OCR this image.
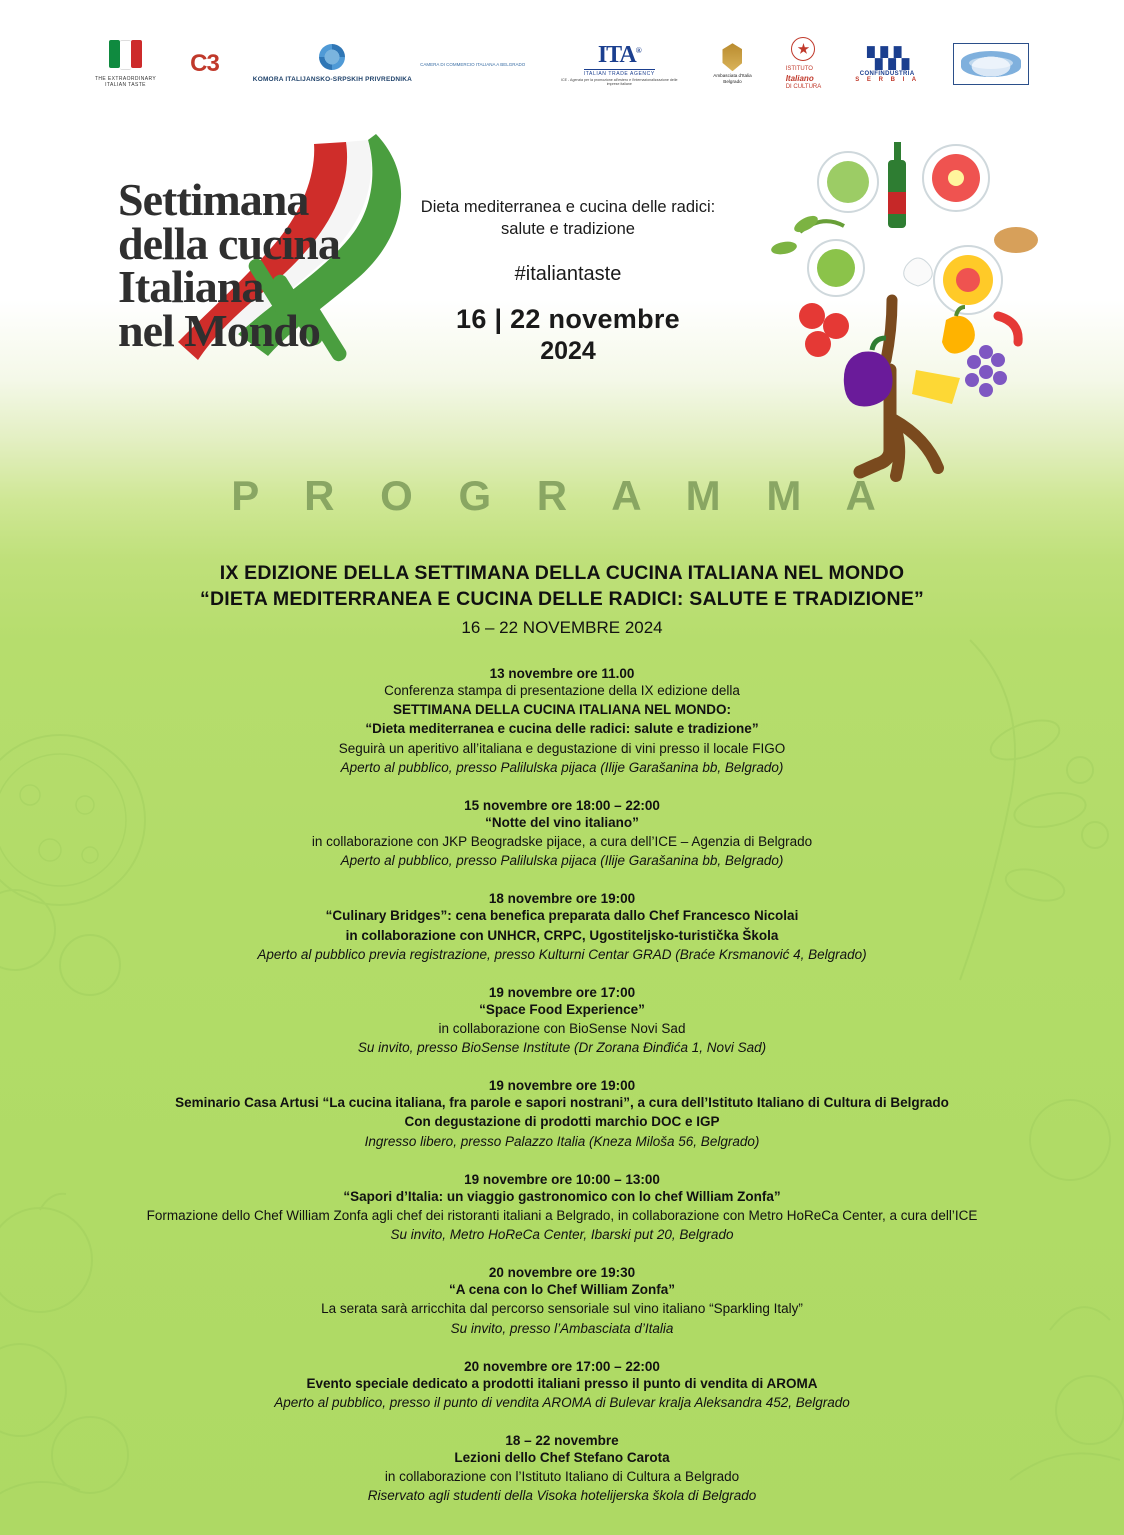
THE EXTRAORDINARY
ITALIAN TASTE
C3
KOMORA ITALIJANSKO-SRPSKIH PRIVREDNIKA
CAMERA DI COMMERCIO ITALIANA A BELGRADO	ITA®
ITALIAN TRADE AGENCY
ICE - Agenzia per la promozione all'estero e l'internazionalizzazione delle imprese italiane
Ambasciata d'Italia
Belgrado
ISTITUTO
Italiano
DI CULTURA
▚▚▚
CONFINDUSTRIA
S E R B I A
Settimana
della cucina
Italiana
nel Mondo
Dieta mediterranea e cucina delle radici:
salute e tradizione
#italiantaste
16 | 22 novembre
2024
P R O G R A M M A
IX EDIZIONE DELLA SETTIMANA DELLA CUCINA ITALIANA NEL MONDO
“DIETA MEDITERRANEA E CUCINA DELLE RADICI: SALUTE E TRADIZIONE”
16 – 22 NOVEMBRE 2024
13 novembre ore 11.00
Conferenza stampa di presentazione della IX edizione della
SETTIMANA DELLA CUCINA ITALIANA NEL MONDO:
“Dieta mediterranea e cucina delle radici: salute e tradizione”
Seguirà un aperitivo all’italiana e degustazione di vini presso il locale FIGO
Aperto al pubblico, presso Palilulska pijaca (Ilije Garašanina bb, Belgrado)
15 novembre ore 18:00 – 22:00
“Notte del vino italiano”
in collaborazione con JKP Beogradske pijace, a cura dell’ICE – Agenzia di Belgrado
Aperto al pubblico, presso Palilulska pijaca (Ilije Garašanina bb, Belgrado)
18 novembre ore 19:00
“Culinary Bridges”: cena benefica preparata dallo Chef Francesco Nicolai
in collaborazione con UNHCR, CRPC, Ugostiteljsko-turistička Škola
Aperto al pubblico previa registrazione, presso Kulturni Centar GRAD (Braće Krsmanović 4, Belgrado)
19 novembre ore 17:00
“Space Food Experience”
in collaborazione con BioSense Novi Sad
Su invito, presso BioSense Institute (Dr Zorana Đinđića 1, Novi Sad)
19 novembre ore 19:00
Seminario Casa Artusi “La cucina italiana, fra parole e sapori nostrani”, a cura dell’Istituto Italiano di Cultura di Belgrado
Con degustazione di prodotti marchio DOC e IGP
Ingresso libero, presso Palazzo Italia (Kneza Miloša 56, Belgrado)
19 novembre ore 10:00 – 13:00
“Sapori d’Italia: un viaggio gastronomico con lo chef William Zonfa”
Formazione dello Chef William Zonfa agli chef dei ristoranti italiani a Belgrado, in collaborazione con Metro HoReCa Center, a cura dell’ICE
Su invito, Metro HoReCa Center, Ibarski put 20, Belgrado
20 novembre ore 19:30
“A cena con lo Chef William Zonfa”
La serata sarà arricchita dal percorso sensoriale sul vino italiano “Sparkling Italy”
Su invito, presso l’Ambasciata d’Italia
20 novembre ore 17:00 – 22:00
Evento speciale dedicato a prodotti italiani presso il punto di vendita di AROMA
Aperto al pubblico, presso il punto di vendita AROMA di Bulevar kralja Aleksandra 452, Belgrado
18 – 22 novembre
Lezioni dello Chef Stefano Carota
in collaborazione con l’Istituto Italiano di Cultura a Belgrado
Riservato agli studenti della Visoka hotelijerska škola di Belgrado
